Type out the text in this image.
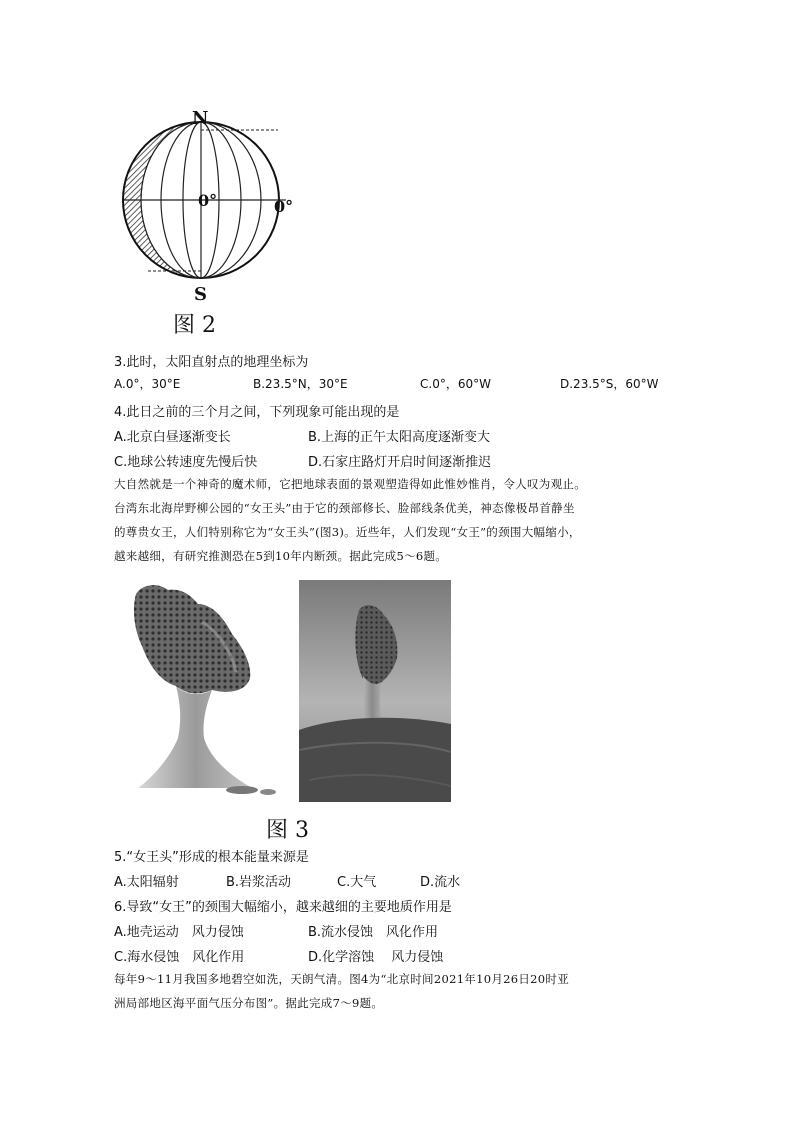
N
S
0°	0°
图 2
3.此时，太阳直射点的地理坐标为
A.0°，30°E	B.23.5°N，30°E	C.0°，60°W	D.23.5°S，60°W
4.此日之前的三个月之间，下列现象可能出现的是
A.北京白昼逐渐变长	B.上海的正午太阳高度逐渐变大
C.地球公转速度先慢后快	D.石家庄路灯开启时间逐渐推迟
大自然就是一个神奇的魔术师，它把地球表面的景观塑造得如此惟妙惟肖，令人叹为观止。
台湾东北海岸野柳公园的“女王头”由于它的颈部修长、脸部线条优美，神态像极昂首静坐
的尊贵女王，人们特别称它为“女王头”(图3)。近些年，人们发现“女王”的颈围大幅缩小，
越来越细，有研究推测恐在5到10年内断颈。据此完成5～6题。
图 3
5.“女王头”形成的根本能量来源是
A.太阳辐射	B.岩浆活动	C.大气	D.流水
6.导致“女王”的颈围大幅缩小，越来越细的主要地质作用是
A.地壳运动　风力侵蚀	B.流水侵蚀　风化作用
C.海水侵蚀　风化作用	D.化学溶蚀　 风力侵蚀
每年9～11月我国多地碧空如洗，天朗气清。图4为“北京时间2021年10月26日20时亚
洲局部地区海平面气压分布图”。据此完成7～9题。
